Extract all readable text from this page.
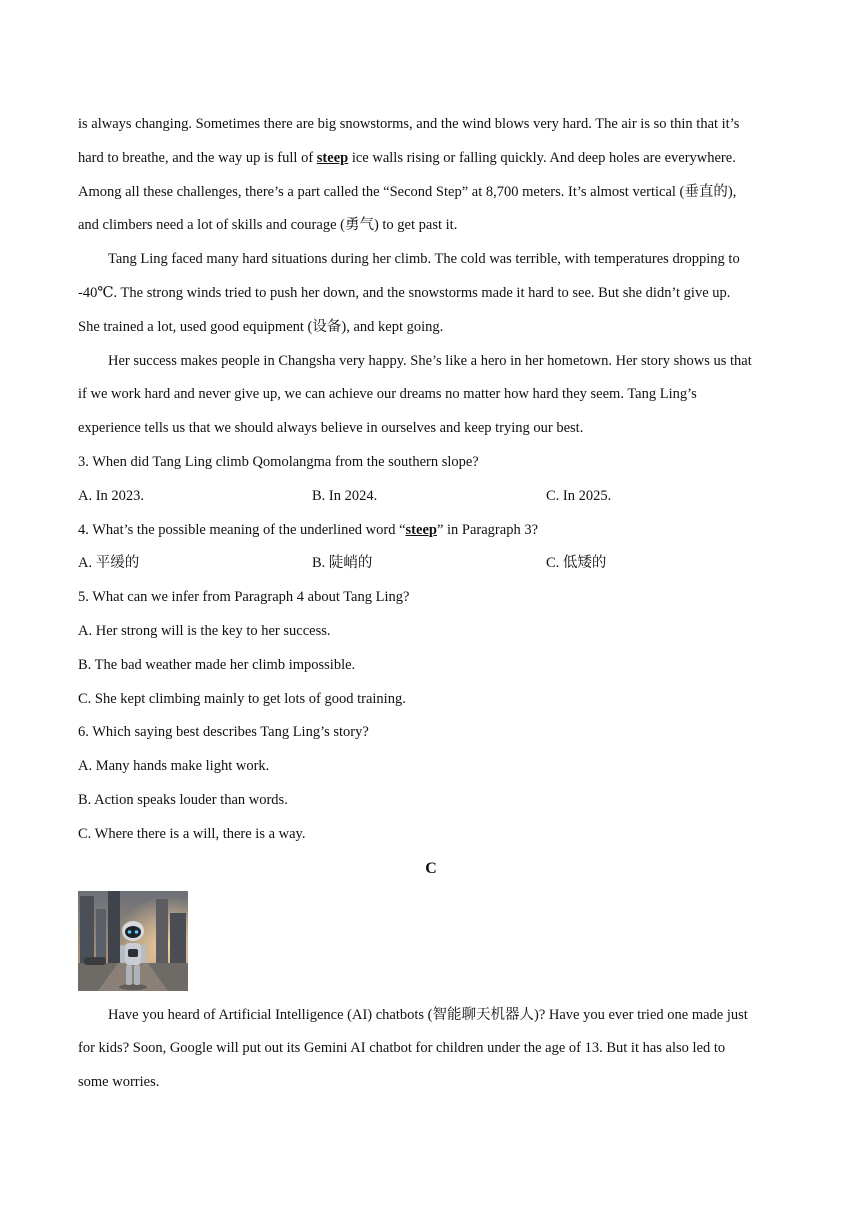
is always changing. Sometimes there are big snowstorms, and the wind blows very hard. The air is so thin that it’s
hard to breathe, and the way up is full of steep ice walls rising or falling quickly. And deep holes are everywhere.
Among all these challenges, there’s a part called the “Second Step” at 8,700 meters. It’s almost vertical (垂直的),
and climbers need a lot of skills and courage (勇气) to get past it.
Tang Ling faced many hard situations during her climb. The cold was terrible, with temperatures dropping to
-40℃. The strong winds tried to push her down, and the snowstorms made it hard to see. But she didn’t give up.
She trained a lot, used good equipment (设备), and kept going.
Her success makes people in Changsha very happy. She’s like a hero in her hometown. Her story shows us that
if we work hard and never give up, we can achieve our dreams no matter how hard they seem. Tang Ling’s
experience tells us that we should always believe in ourselves and keep trying our best.
3. When did Tang Ling climb Qomolangma from the southern slope?
A. In 2023.	B. In 2024.	C. In 2025.
4. What’s the possible meaning of the underlined word “steep” in Paragraph 3?
A. 平缓的	B. 陡峭的	C. 低矮的
5. What can we infer from Paragraph 4 about Tang Ling?
A. Her strong will is the key to her success.
B. The bad weather made her climb impossible.
C. She kept climbing mainly to get lots of good training.
6. Which saying best describes Tang Ling’s story?
A. Many hands make light work.
B. Action speaks louder than words.
C. Where there is a will, there is a way.
C
Have you heard of Artificial Intelligence (AI) chatbots (智能聊天机器人)? Have you ever tried one made just
for kids? Soon, Google will put out its Gemini AI chatbot for children under the age of 13. But it has also led to
some worries.
